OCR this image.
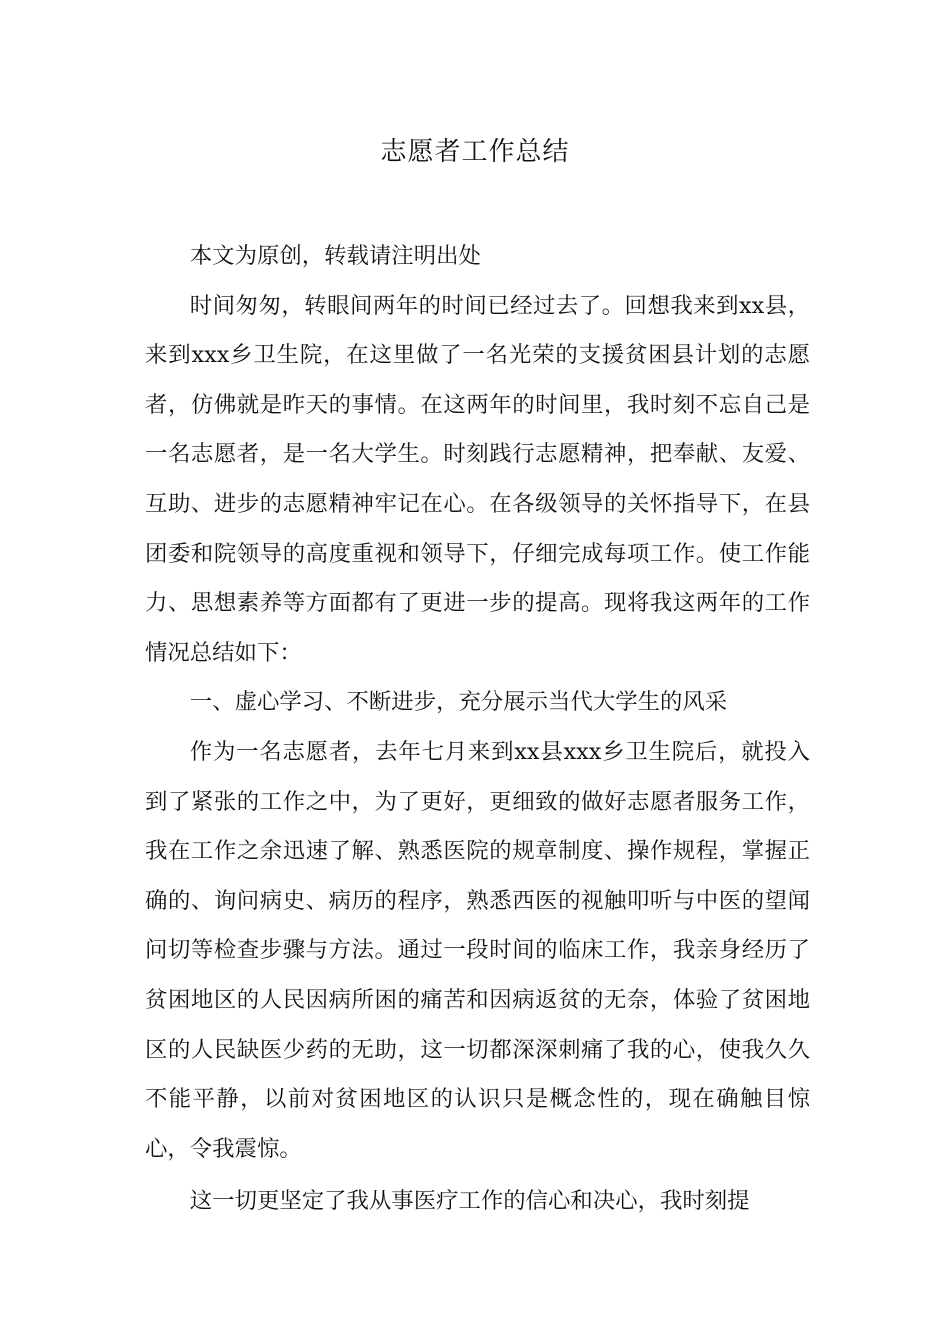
志愿者工作总结

本文为原创，转载请注明出处

时间匆匆，转眼间两年的时间已经过去了。回想我来到xx县，来到xxx乡卫生院，在这里做了一名光荣的支援贫困县计划的志愿者，仿佛就是昨天的事情。在这两年的时间里，我时刻不忘自己是一名志愿者，是一名大学生。时刻践行志愿精神，把奉献、友爱、互助、进步的志愿精神牢记在心。在各级领导的关怀指导下，在县团委和院领导的高度重视和领导下，仔细完成每项工作。使工作能力、思想素养等方面都有了更进一步的提高。现将我这两年的工作情况总结如下：

一、虚心学习、不断进步，充分展示当代大学生的风采

作为一名志愿者，去年七月来到xx县xxx乡卫生院后，就投入到了紧张的工作之中，为了更好，更细致的做好志愿者服务工作，我在工作之余迅速了解、熟悉医院的规章制度、操作规程，掌握正确的、询问病史、病历的程序，熟悉西医的视触叩听与中医的望闻问切等检查步骤与方法。通过一段时间的临床工作，我亲身经历了贫困地区的人民因病所困的痛苦和因病返贫的无奈，体验了贫困地区的人民缺医少药的无助，这一切都深深刺痛了我的心，使我久久不能平静，以前对贫困地区的认识只是概念性的，现在确触目惊心，令我震惊。

这一切更坚定了我从事医疗工作的信心和决心，我时刻提
